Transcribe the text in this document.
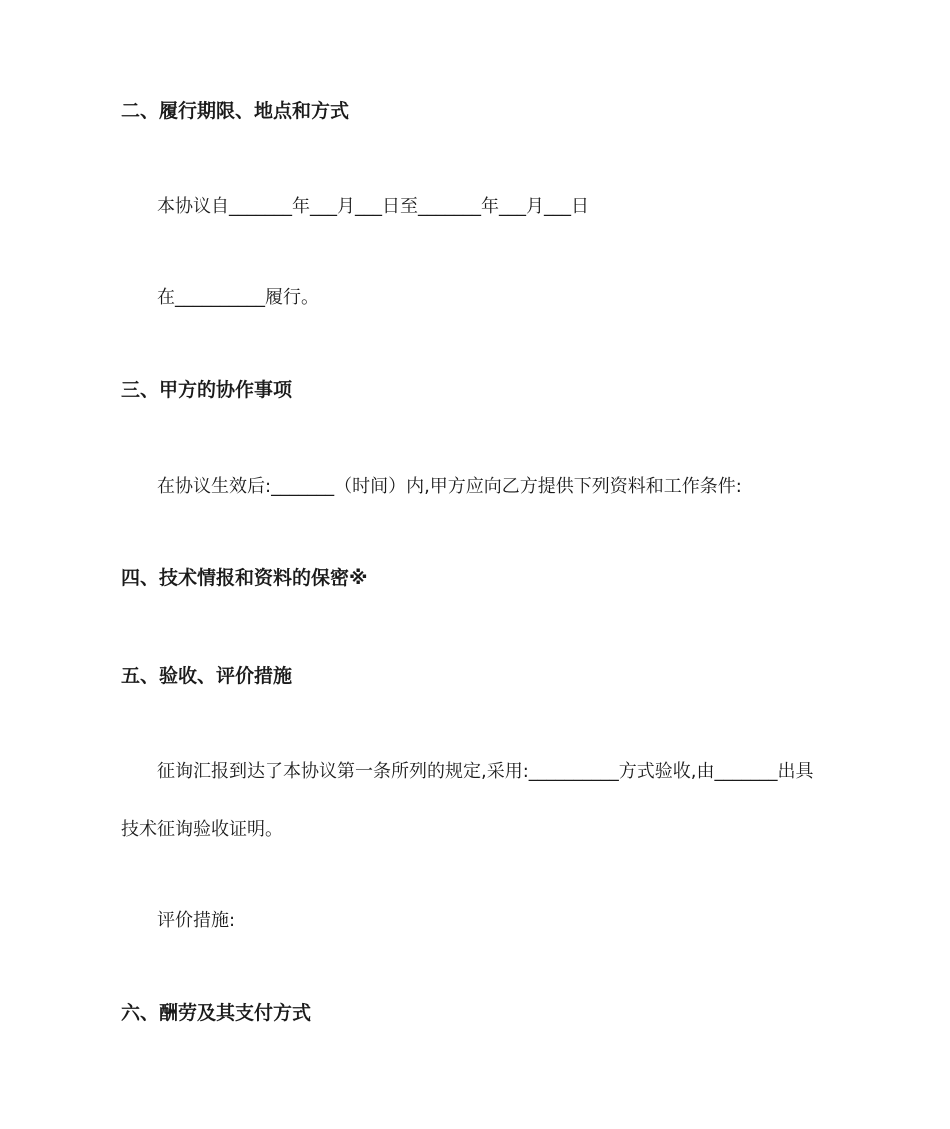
二、履行期限、地点和方式
本协议自_______年___月___日至_______年___月___日
在__________履行。
三、甲方的协作事项
在协议生效后:_______（时间）内,甲方应向乙方提供下列资料和工作条件:
四、技术情报和资料的保密※
五、验收、评价措施
征询汇报到达了本协议第一条所列的规定,采用:__________方式验收,由_______出具
技术征询验收证明。
评价措施:
六、酬劳及其支付方式
